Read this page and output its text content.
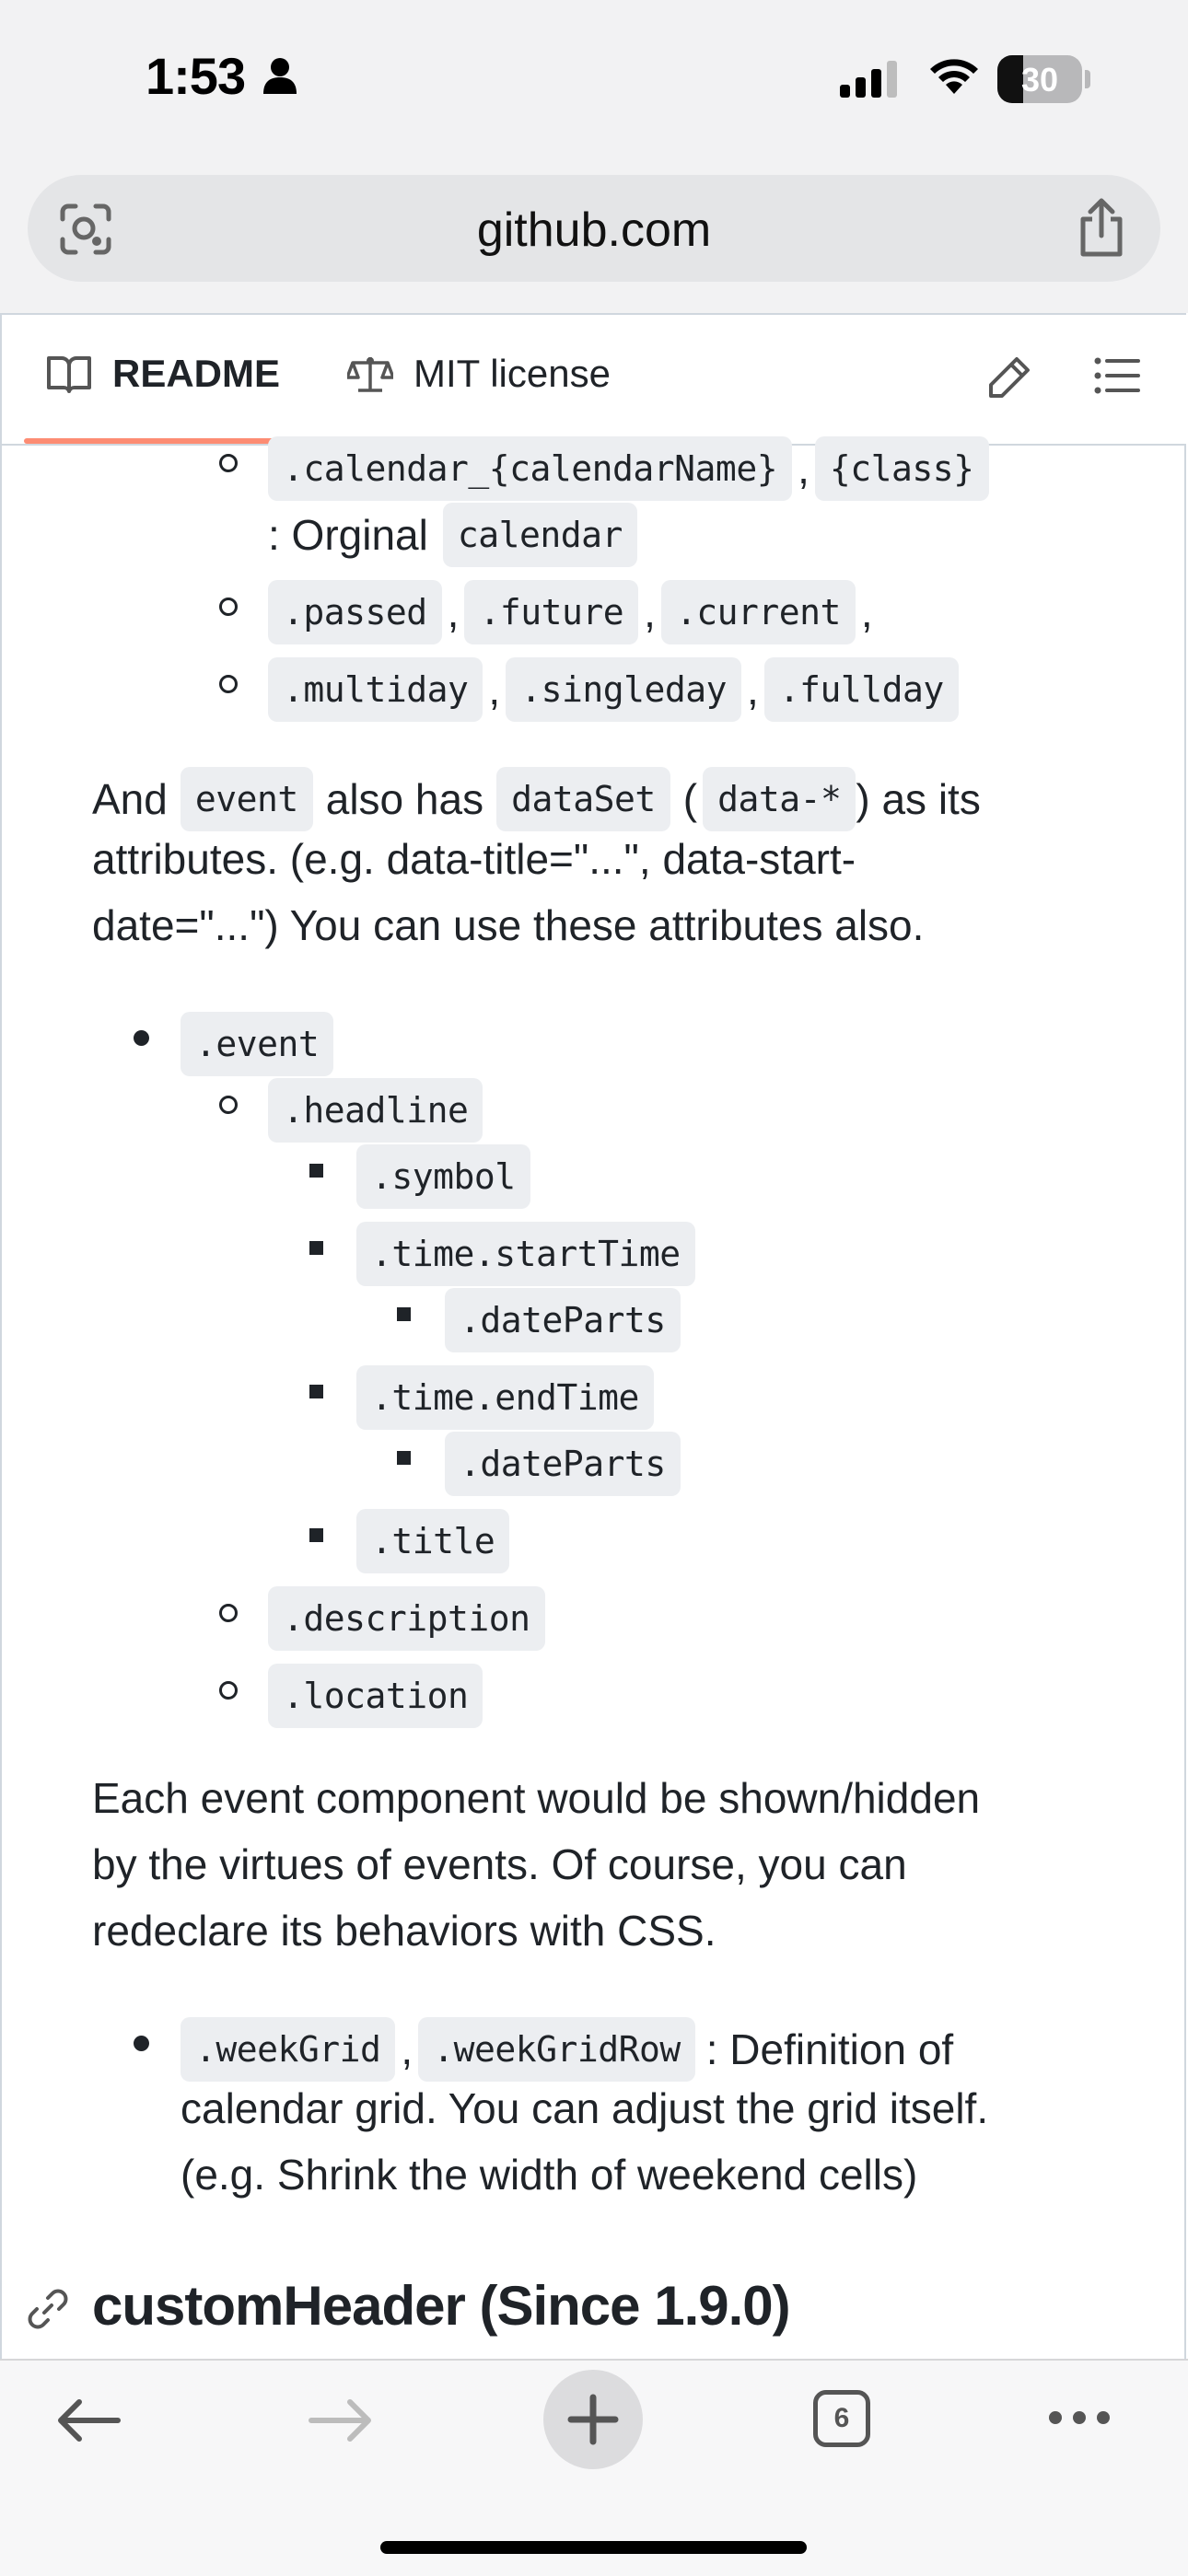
1:53	30
github.com
README	MIT license
.calendar_{calendarName} , {class}
: Orginal calendar
.passed , .future , .current ,
.multiday , .singleday , .fullday
And event also has dataSet ( data-* ) as its
attributes. (e.g. data-title="...", data-start-
date="...") You can use these attributes also.
.event
.headline
.symbol
.time.startTime
.dateParts
.time.endTime
.dateParts
.title
.description
.location
Each event component would be shown/hidden
by the virtues of events. Of course, you can
redeclare its behaviors with CSS.
.weekGrid , .weekGridRow : Definition of
calendar grid. You can adjust the grid itself.
(e.g. Shrink the width of weekend cells)
customHeader (Since 1.9.0)
6
